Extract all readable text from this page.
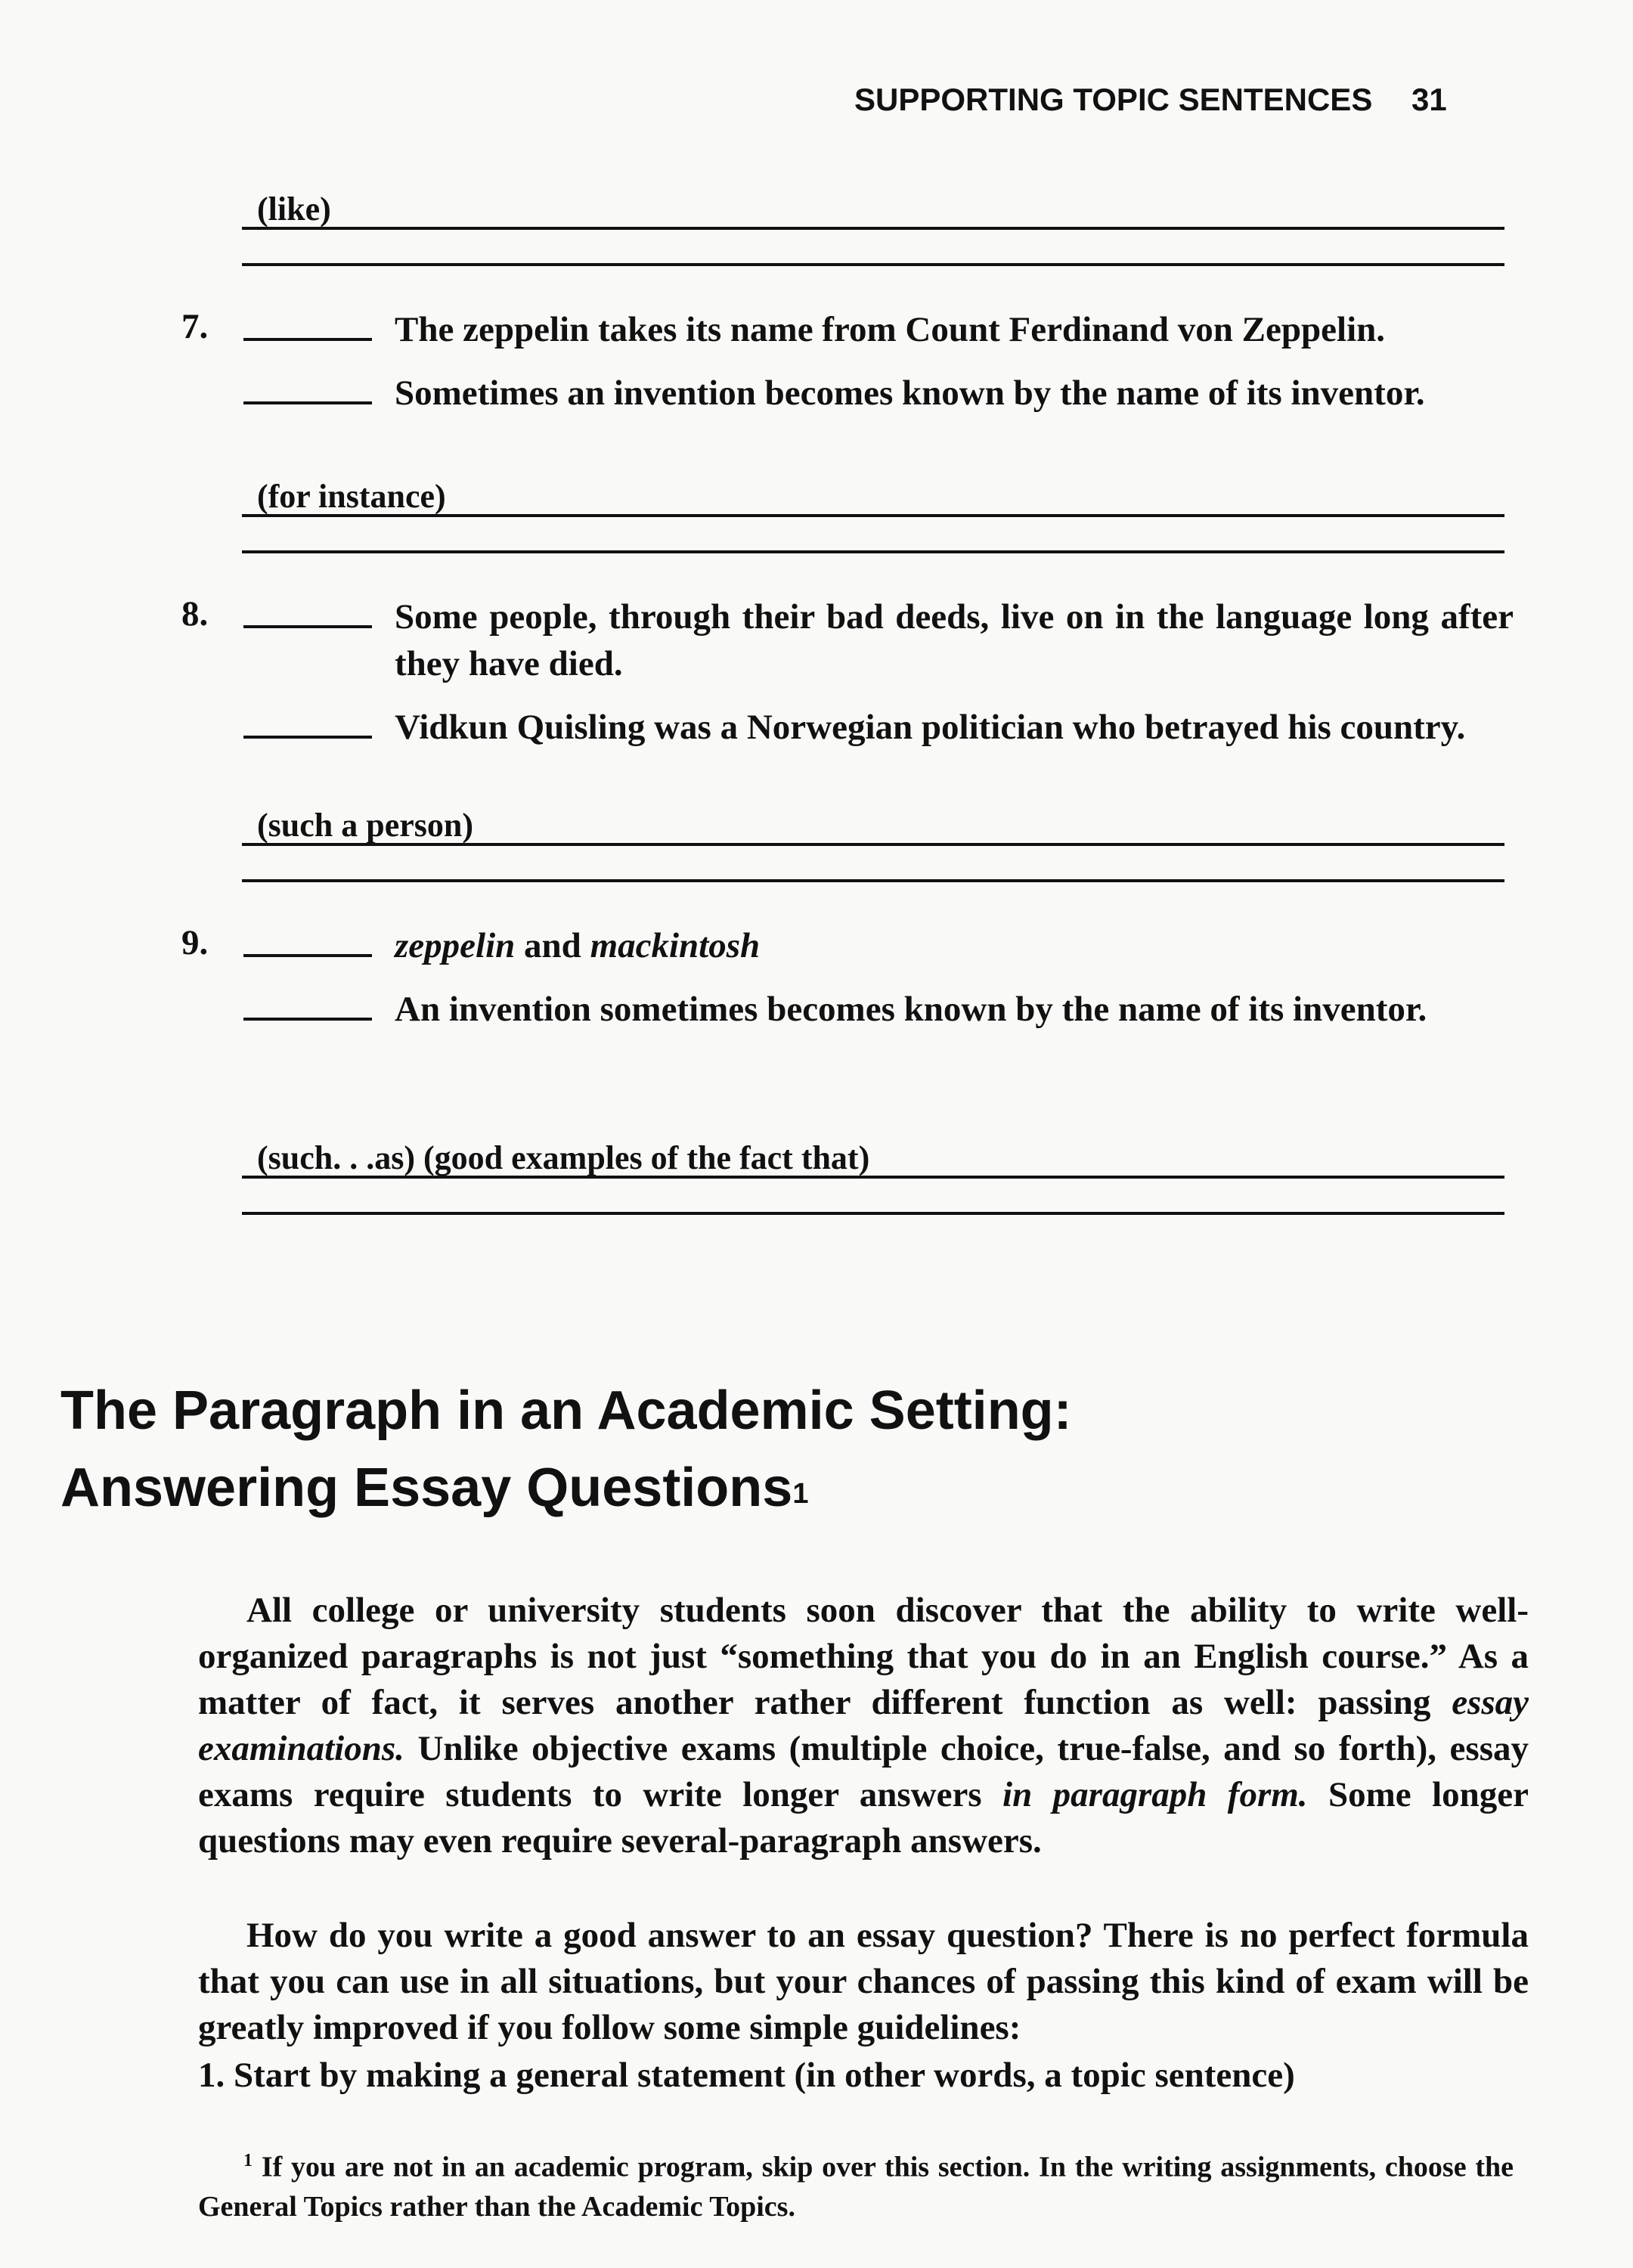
SUPPORTING TOPIC SENTENCES 31
(like)
7.	The zeppelin takes its name from Count Ferdinand von Zeppelin.
Sometimes an invention becomes known by the name of its inventor.
(for instance)
8.	Some people, through their bad deeds, live on in the language long after they have died.
Vidkun Quisling was a Norwegian politician who betrayed his country.
(such a person)
9.	zeppelin and mackintosh
An invention sometimes becomes known by the name of its inventor.
(such. . .as) (good examples of the fact that)
The Paragraph in an Academic Setting:
Answering Essay Questions$^1$
All college or university students soon discover that the ability to write well-organized paragraphs is not just “something that you do in an English course.” As a matter of fact, it serves another rather different function as well: passing essay examinations. Unlike objective exams (multiple choice, true-false, and so forth), essay exams require students to write longer answers in paragraph form. Some longer questions may even require several-paragraph answers.
How do you write a good answer to an essay question? There is no perfect formula that you can use in all situations, but your chances of passing this kind of exam will be greatly improved if you follow some simple guidelines:
1. Start by making a general statement (in other words, a topic sentence)
$^1$ If you are not in an academic program, skip over this section. In the writing assignments, choose the General Topics rather than the Academic Topics.
